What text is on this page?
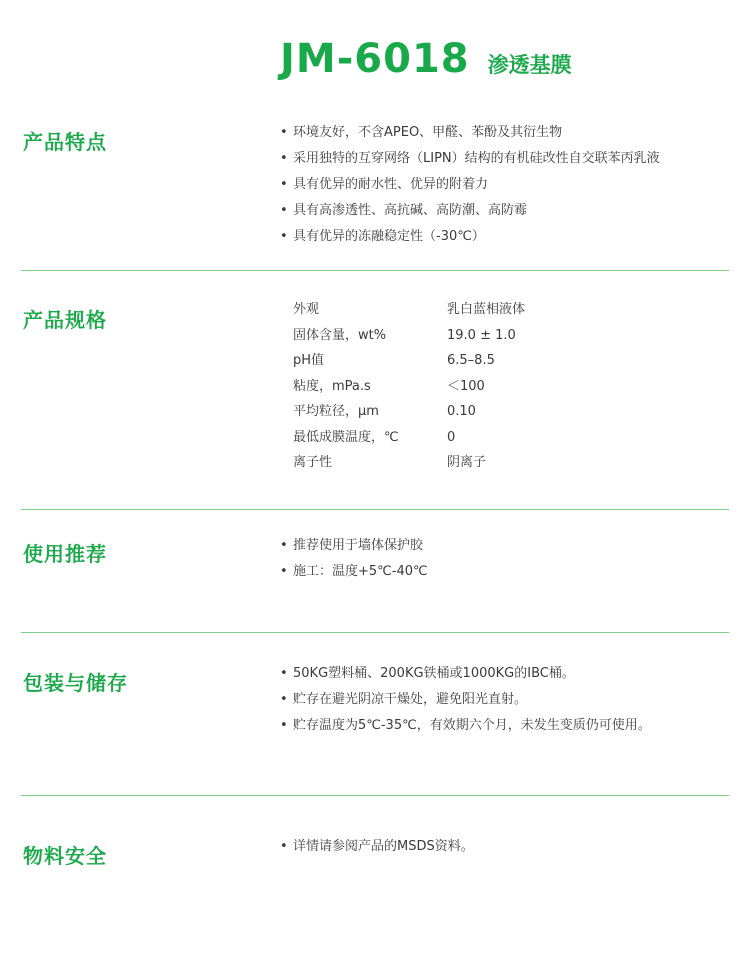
JM-6018 渗透基膜
产品特点	• 环境友好，不含APEO、甲醛、苯酚及其衍生物
• 采用独特的互穿网络（LIPN）结构的有机硅改性自交联苯丙乳液
• 具有优异的耐水性、优异的附着力
• 具有高渗透性、高抗碱、高防潮、高防霉
• 具有优异的冻融稳定性（-30℃）
产品规格	外观	乳白蓝相液体
固体含量，wt%	19.0 ± 1.0
pH值	6.5–8.5
粘度，mPa.s	＜100
平均粒径，μm	0.10
最低成膜温度，℃	0
离子性	阴离子
使用推荐	• 推荐使用于墙体保护胶
• 施工：温度+5℃-40℃
包装与储存	• 50KG塑料桶、200KG铁桶或1000KG的IBC桶。
• 贮存在避光阴凉干燥处，避免阳光直射。
• 贮存温度为5℃-35℃，有效期六个月，未发生变质仍可使用。
物料安全	• 详情请参阅产品的MSDS资料。
